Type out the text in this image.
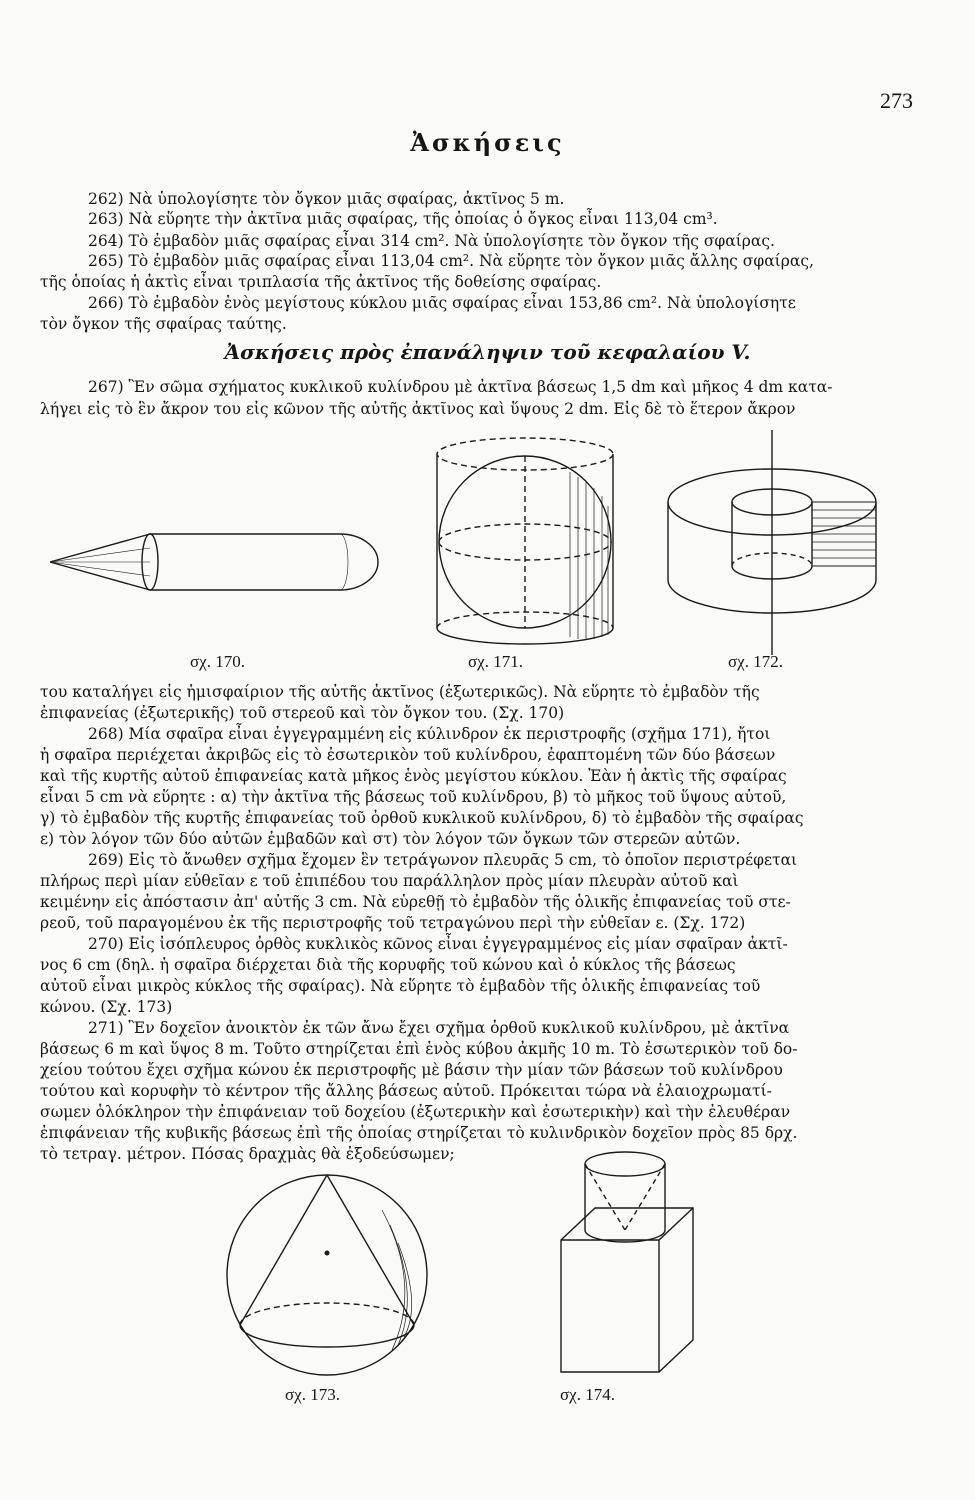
273
Ἀσκήσεις
262) Νὰ ὑπολογίσητε τὸν ὄγκον μιᾶς σφαίρας, ἀκτῖνος 5 m.
263) Νὰ εὕρητε τὴν ἀκτῖνα μιᾶς σφαίρας, τῆς ὁποίας ὁ ὄγκος εἶναι 113,04 cm³.
264) Τὸ ἐμβαδὸν μιᾶς σφαίρας εἶναι 314 cm². Νὰ ὑπολογίσητε τὸν ὄγκον τῆς σφαίρας.
265) Τὸ ἐμβαδὸν μιᾶς σφαίρας εἶναι 113,04 cm². Νὰ εὕρητε τὸν ὄγκον μιᾶς ἄλλης σφαίρας,
τῆς ὁποίας ἡ ἀκτὶς εἶναι τριπλασία τῆς ἀκτῖνος τῆς δοθείσης σφαίρας.
266) Τὸ ἐμβαδὸν ἑνὸς μεγίστους κύκλου μιᾶς σφαίρας εἶναι 153,86 cm². Νὰ ὑπολογίσητε
τὸν ὄγκον τῆς σφαίρας ταύτης.
Ἀσκήσεις πρὸς ἐπανάληψιν τοῦ κεφαλαίου V.
267) Ἓν σῶμα σχήματος κυκλικοῦ κυλίνδρου μὲ ἀκτῖνα βάσεως 1,5 dm καὶ μῆκος 4 dm κατα-
λήγει εἰς τὸ ἓν ἄκρον του εἰς κῶνον τῆς αὐτῆς ἀκτῖνος καὶ ὕψους 2 dm. Εἰς δὲ τὸ ἕτερον ἄκρον
σχ. 170.	σχ. 171.	σχ. 172.
του καταλήγει εἰς ἡμισφαίριον τῆς αὐτῆς ἀκτῖνος (ἐξωτερικῶς). Νὰ εὕρητε τὸ ἐμβαδὸν τῆς
ἐπιφανείας (ἐξωτερικῆς) τοῦ στερεοῦ καὶ τὸν ὄγκον του. (Σχ. 170)
268) Μία σφαῖρα εἶναι ἐγγεγραμμένη εἰς κύλινδρον ἐκ περιστροφῆς (σχῆμα 171), ἤτοι
ἡ σφαῖρα περιέχεται ἀκριβῶς εἰς τὸ ἐσωτερικὸν τοῦ κυλίνδρου, ἐφαπτομένη τῶν δύο βάσεων
καὶ τῆς κυρτῆς αὐτοῦ ἐπιφανείας κατὰ μῆκος ἑνὸς μεγίστου κύκλου. Ἐὰν ἡ ἀκτὶς τῆς σφαίρας
εἶναι 5 cm νὰ εὕρητε : α) τὴν ἀκτῖνα τῆς βάσεως τοῦ κυλίνδρου, β) τὸ μῆκος τοῦ ὕψους αὐτοῦ,
γ) τὸ ἐμβαδὸν τῆς κυρτῆς ἐπιφανείας τοῦ ὀρθοῦ κυκλικοῦ κυλίνδρου, δ) τὸ ἐμβαδὸν τῆς σφαίρας
ε) τὸν λόγον τῶν δύο αὐτῶν ἐμβαδῶν καὶ στ) τὸν λόγον τῶν ὄγκων τῶν στερεῶν αὐτῶν.
269) Εἰς τὸ ἄνωθεν σχῆμα ἔχομεν ἓν τετράγωνον πλευρᾶς 5 cm, τὸ ὁποῖον περιστρέφεται
πλήρως περὶ μίαν εὐθεῖαν ε τοῦ ἐπιπέδου του παράλληλον πρὸς μίαν πλευρὰν αὐτοῦ καὶ
κειμένην εἰς ἀπόστασιν ἀπ' αὐτῆς 3 cm. Νὰ εὑρεθῇ τὸ ἐμβαδὸν τῆς ὁλικῆς ἐπιφανείας τοῦ στε-
ρεοῦ, τοῦ παραγομένου ἐκ τῆς περιστροφῆς τοῦ τετραγώνου περὶ τὴν εὐθεῖαν ε. (Σχ. 172)
270) Εἰς ἰσόπλευρος ὀρθὸς κυκλικὸς κῶνος εἶναι ἐγγεγραμμένος εἰς μίαν σφαῖραν ἀκτῖ-
νος 6 cm (δηλ. ἡ σφαῖρα διέρχεται διὰ τῆς κορυφῆς τοῦ κώνου καὶ ὁ κύκλος τῆς βάσεως
αὐτοῦ εἶναι μικρὸς κύκλος τῆς σφαίρας). Νὰ εὕρητε τὸ ἐμβαδὸν τῆς ὁλικῆς ἐπιφανείας τοῦ
κώνου. (Σχ. 173)
271) Ἓν δοχεῖον ἀνοικτὸν ἐκ τῶν ἄνω ἔχει σχῆμα ὀρθοῦ κυκλικοῦ κυλίνδρου, μὲ ἀκτῖνα
βάσεως 6 m καὶ ὕψος 8 m. Τοῦτο στηρίζεται ἐπὶ ἑνὸς κύβου ἀκμῆς 10 m. Τὸ ἐσωτερικὸν τοῦ δο-
χείου τούτου ἔχει σχῆμα κώνου ἐκ περιστροφῆς μὲ βάσιν τὴν μίαν τῶν βάσεων τοῦ κυλίνδρου
τούτου καὶ κορυφὴν τὸ κέντρον τῆς ἄλλης βάσεως αὐτοῦ. Πρόκειται τώρα νὰ ἐλαιοχρωματί-
σωμεν ὁλόκληρον τὴν ἐπιφάνειαν τοῦ δοχείου (ἐξωτερικὴν καὶ ἐσωτερικὴν) καὶ τὴν ἐλευθέραν
ἐπιφάνειαν τῆς κυβικῆς βάσεως ἐπὶ τῆς ὁποίας στηρίζεται τὸ κυλινδρικὸν δοχεῖον πρὸς 85 δρχ.
τὸ τετραγ. μέτρον. Πόσας δραχμὰς θὰ ἐξοδεύσωμεν;
σχ. 173.	σχ. 174.
